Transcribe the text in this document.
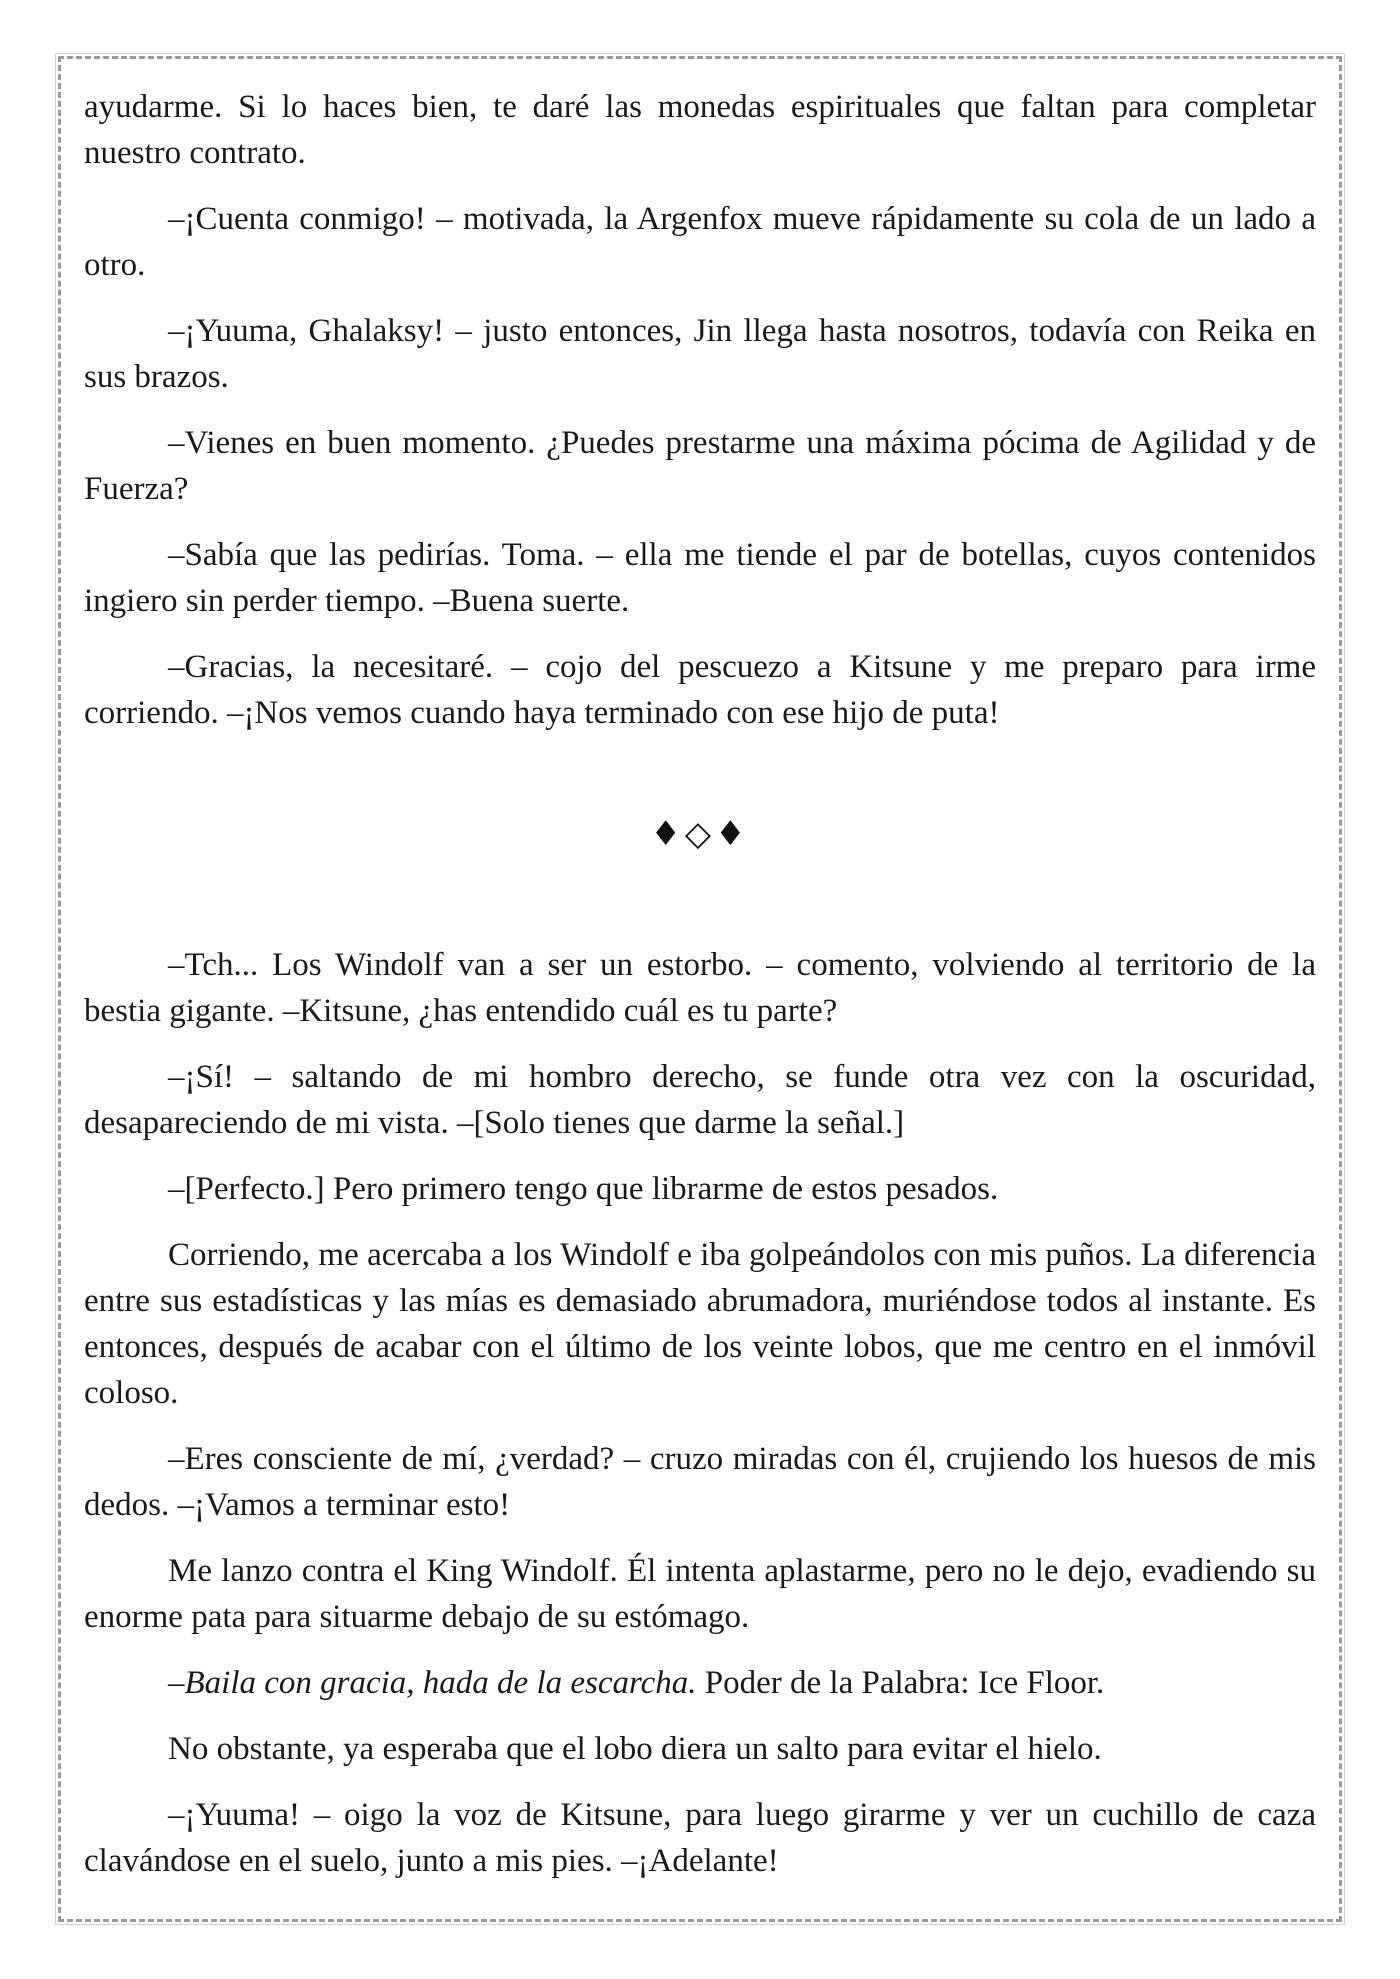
ayudarme. Si lo haces bien, te daré las monedas espirituales que faltan para completar nuestro contrato.

–¡Cuenta conmigo! – motivada, la Argenfox mueve rápidamente su cola de un lado a otro.

–¡Yuuma, Ghalaksy! – justo entonces, Jin llega hasta nosotros, todavía con Reika en sus brazos.

–Vienes en buen momento. ¿Puedes prestarme una máxima pócima de Agilidad y de Fuerza?

–Sabía que las pedirías. Toma. – ella me tiende el par de botellas, cuyos contenidos ingiero sin perder tiempo. –Buena suerte.

–Gracias, la necesitaré. – cojo del pescuezo a Kitsune y me preparo para irme corriendo. –¡Nos vemos cuando haya terminado con ese hijo de puta!

♦◇♦

–Tch... Los Windolf van a ser un estorbo. – comento, volviendo al territorio de la bestia gigante. –Kitsune, ¿has entendido cuál es tu parte?

–¡Sí! – saltando de mi hombro derecho, se funde otra vez con la oscuridad, desapareciendo de mi vista. –[Solo tienes que darme la señal.]

–[Perfecto.] Pero primero tengo que librarme de estos pesados.

Corriendo, me acercaba a los Windolf e iba golpeándolos con mis puños. La diferencia entre sus estadísticas y las mías es demasiado abrumadora, muriéndose todos al instante. Es entonces, después de acabar con el último de los veinte lobos, que me centro en el inmóvil coloso.

–Eres consciente de mí, ¿verdad? – cruzo miradas con él, crujiendo los huesos de mis dedos. –¡Vamos a terminar esto!

Me lanzo contra el King Windolf. Él intenta aplastarme, pero no le dejo, evadiendo su enorme pata para situarme debajo de su estómago.

–Baila con gracia, hada de la escarcha. Poder de la Palabra: Ice Floor.

No obstante, ya esperaba que el lobo diera un salto para evitar el hielo.

–¡Yuuma! – oigo la voz de Kitsune, para luego girarme y ver un cuchillo de caza clavándose en el suelo, junto a mis pies. –¡Adelante!
